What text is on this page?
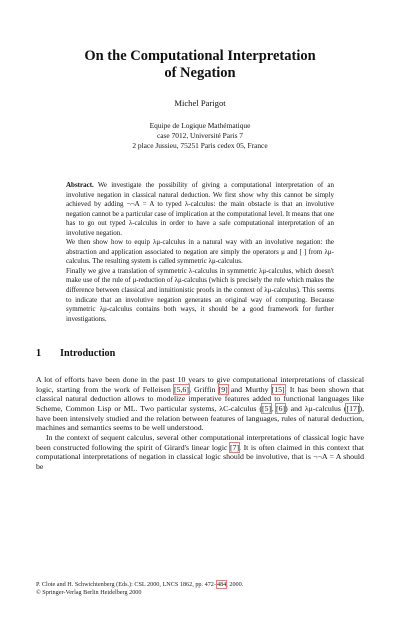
On the Computational Interpretation
of Negation
Michel Parigot
Equipe de Logique Mathématique
case 7012, Université Paris 7
2 place Jussieu, 75251 Paris cedex 05, France

Abstract. We investigate the possibility of giving a computational interpretation of an involutive negation in classical natural deduction. We first show why this cannot be simply achieved by adding ¬¬A = A to typed λ-calculus: the main obstacle is that an involutive negation cannot be a particular case of implication at the computational level. It means that one has to go out typed λ-calculus in order to have a safe computational interpretation of an involutive negation.

We then show how to equip λμ-calculus in a natural way with an involutive negation: the abstraction and application associated to negation are simply the operators μ and [ ] from λμ-calculus. The resulting system is called symmetric λμ-calculus.

Finally we give a translation of symmetric λ-calculus in symmetric λμ-calculus, which doesn't make use of the rule of μ-reduction of λμ-calculus (which is precisely the rule which makes the difference between classical and intuitionistic proofs in the context of λμ-calculus). This seems to indicate that an involutive negation generates an original way of computing. Because symmetric λμ-calculus contains both ways, it should be a good framework for further investigations.

1 Introduction

A lot of efforts have been done in the past 10 years to give computational interpretations of classical logic, starting from the work of Felleisen [5,6], Griffin [9] and Murthy [15]. It has been shown that classical natural deduction allows to modelize imperative features added to functional languages like Scheme, Common Lisp or ML. Two particular systems, λC-calculus ([5], [6]) and λμ-calculus ([17]), have been intensively studied and the relation between features of languages, rules of natural deduction, machines and semantics seems to be well understood.

In the context of sequent calculus, several other computational interpretations of classical logic have been constructed following the spirit of Girard's linear logic [7]. It is often claimed in this context that computational interpretations of negation in classical logic should be involutive, that is ¬¬A = A should be

P. Clote and H. Schwichtenberg (Eds.): CSL 2000, LNCS 1862, pp. 472–484, 2000.
© Springer-Verlag Berlin Heidelberg 2000
